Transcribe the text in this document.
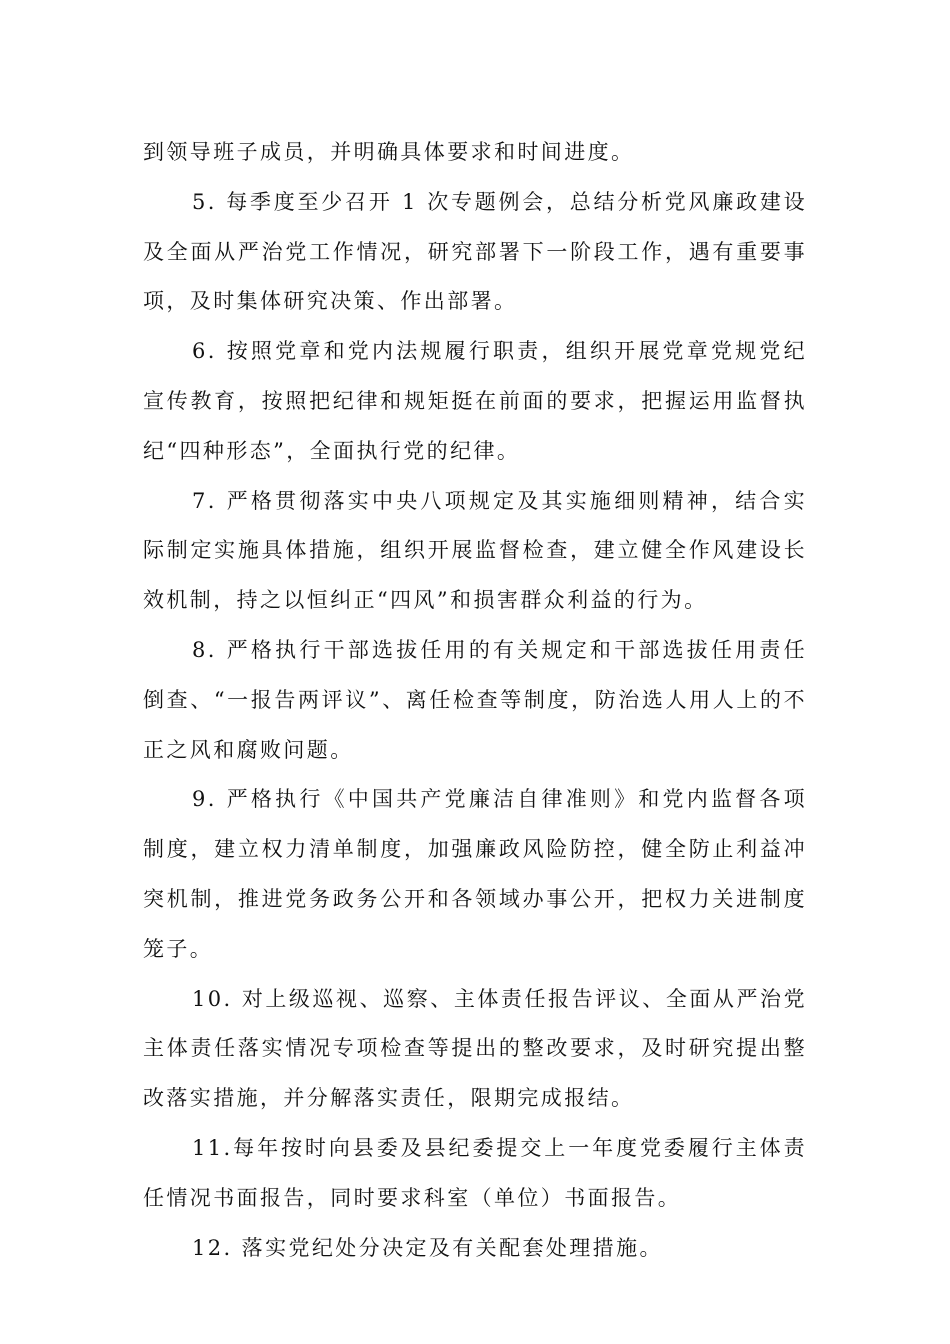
到领导班子成员，并明确具体要求和时间进度。

5. 每季度至少召开 1 次专题例会，总结分析党风廉政建设及全面从严治党工作情况，研究部署下一阶段工作，遇有重要事项，及时集体研究决策、作出部署。

6. 按照党章和党内法规履行职责，组织开展党章党规党纪宣传教育，按照把纪律和规矩挺在前面的要求，把握运用监督执纪“四种形态”，全面执行党的纪律。

7. 严格贯彻落实中央八项规定及其实施细则精神，结合实际制定实施具体措施，组织开展监督检查，建立健全作风建设长效机制，持之以恒纠正“四风”和损害群众利益的行为。

8. 严格执行干部选拔任用的有关规定和干部选拔任用责任倒查、“一报告两评议”、离任检查等制度，防治选人用人上的不正之风和腐败问题。

9. 严格执行《中国共产党廉洁自律准则》和党内监督各项制度，建立权力清单制度，加强廉政风险防控，健全防止利益冲突机制，推进党务政务公开和各领域办事公开，把权力关进制度笼子。

10. 对上级巡视、巡察、主体责任报告评议、全面从严治党主体责任落实情况专项检查等提出的整改要求，及时研究提出整改落实措施，并分解落实责任，限期完成报结。

11.每年按时向县委及县纪委提交上一年度党委履行主体责任情况书面报告，同时要求科室（单位）书面报告。

12. 落实党纪处分决定及有关配套处理措施。
